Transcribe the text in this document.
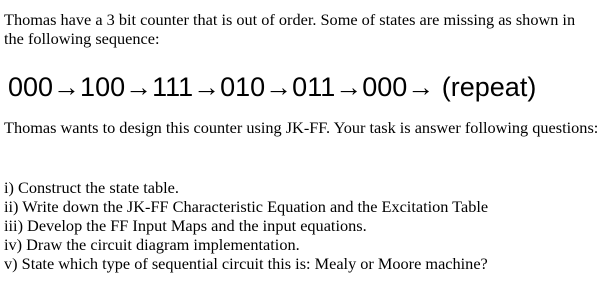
Thomas have a 3 bit counter that is out of order. Some of states are missing as shown in the following sequence:

000→100→111→010→011→000→ (repeat)

Thomas wants to design this counter using JK-FF. Your task is answer following questions:

i) Construct the state table.
ii) Write down the JK-FF Characteristic Equation and the Excitation Table
iii) Develop the FF Input Maps and the input equations.
iv) Draw the circuit diagram implementation.
v) State which type of sequential circuit this is: Mealy or Moore machine?
